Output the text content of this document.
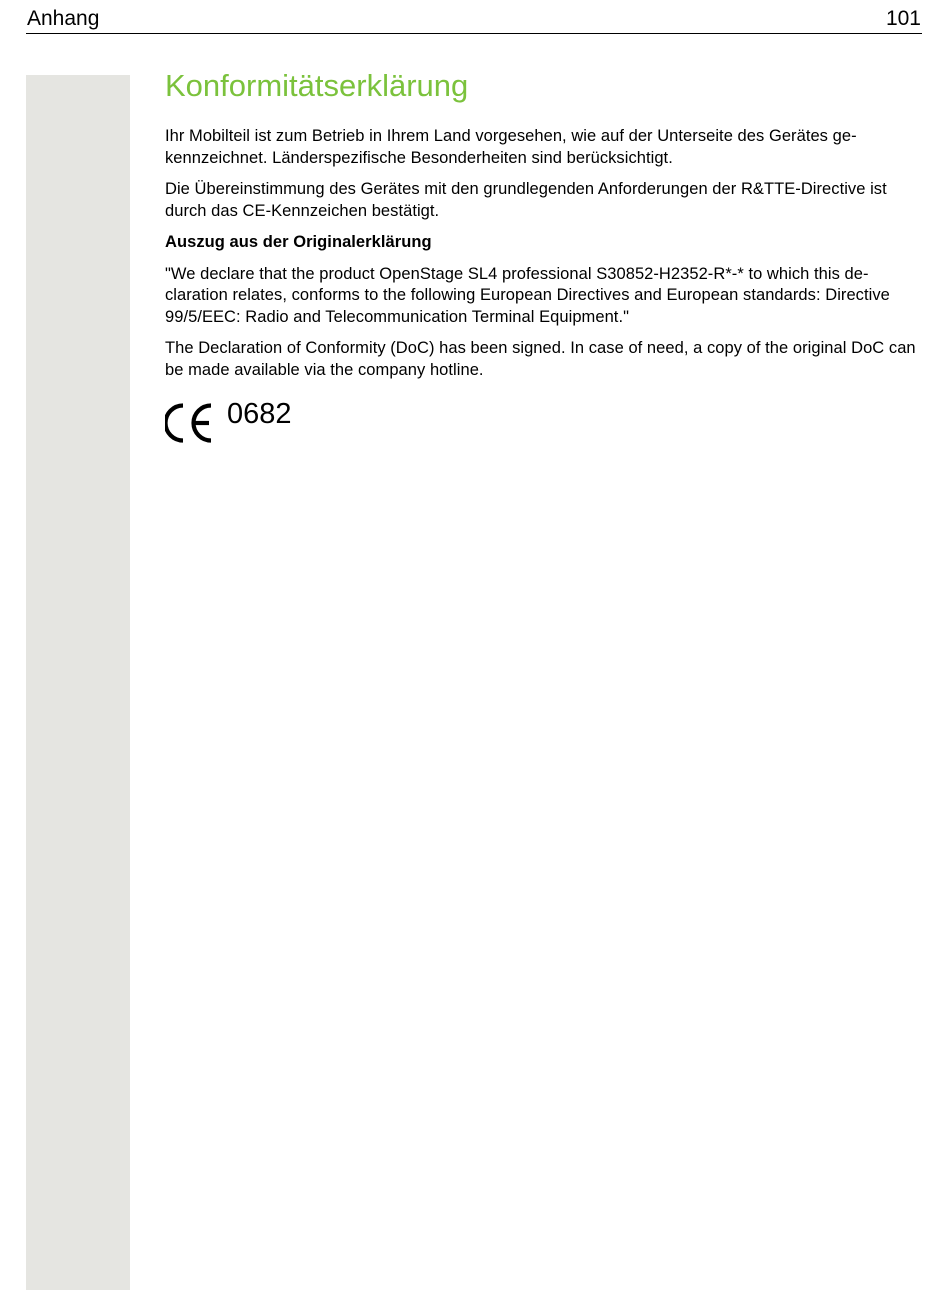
Anhang	101
Konformitätserklärung

Ihr Mobilteil ist zum Betrieb in Ihrem Land vorgesehen, wie auf der Unterseite des Gerätes ge-kennzeichnet. Länderspezifische Besonderheiten sind berücksichtigt.

Die Übereinstimmung des Gerätes mit den grundlegenden Anforderungen der R&TTE-Directive ist durch das CE-Kennzeichen bestätigt.

Auszug aus der Originalerklärung

"We declare that the product OpenStage SL4 professional S30852-H2352-R*-* to which this de-claration relates, conforms to the following European Directives and European standards: Directive 99/5/EEC: Radio and Telecommunication Terminal Equipment."

The Declaration of Conformity (DoC) has been signed. In case of need, a copy of the original DoC can be made available via the company hotline.

0682
